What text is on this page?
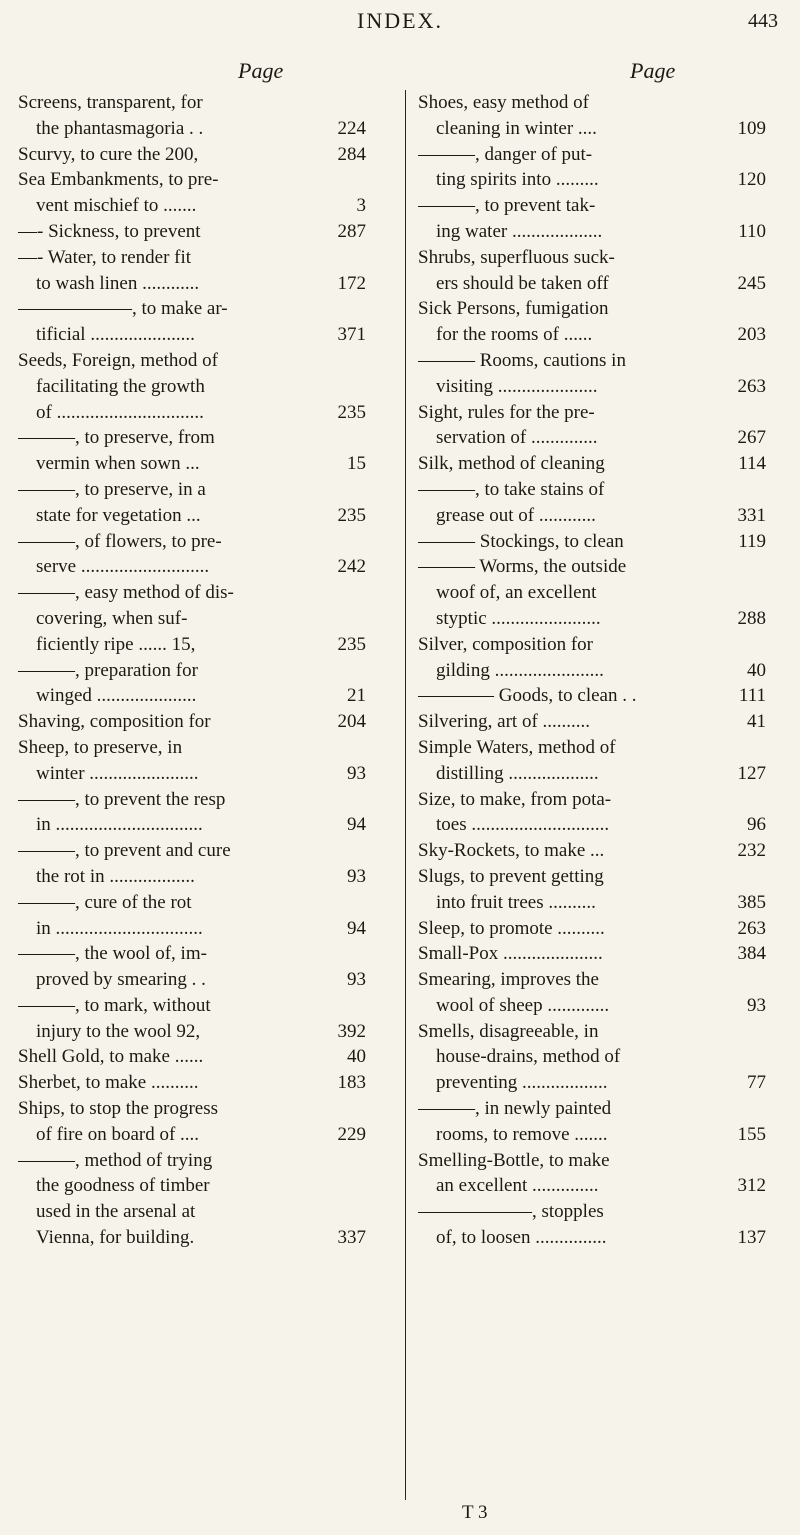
INDEX.	443
Page	Page
Screens, transparent, for
the phantasmagoria . .	224
Scurvy, to cure the 200,	284
Sea Embankments, to pre-
vent mischief to .......	3
—- Sickness, to prevent	287
—- Water, to render fit
to wash linen ............	172
——————, to make ar-
tificial ......................	371
Seeds, Foreign, method of
facilitating the growth
of ...............................	235
———, to preserve, from
vermin when sown ...	15
———, to preserve, in a
state for vegetation ...	235
———, of flowers, to pre-
serve ...........................	242
———, easy method of dis-
covering, when suf-
ficiently ripe ...... 15,	235
———, preparation for
winged .....................	21
Shaving, composition for	204
Sheep, to preserve, in
winter .......................	93
———, to prevent the resp
in ...............................	94
———, to prevent and cure
the rot in ..................	93
———, cure of the rot
in ...............................	94
———, the wool of, im-
proved by smearing . .	93
———, to mark, without
injury to the wool 92,	392
Shell Gold, to make ......	40
Sherbet, to make ..........	183
Ships, to stop the progress
of fire on board of ....	229
———, method of trying
the goodness of timber
used in the arsenal at
Vienna, for building.	337
Shoes, easy method of
cleaning in winter ....	109
———, danger of put-
ting spirits into .........	120
———, to prevent tak-
ing water ...................	110
Shrubs, superfluous suck-
ers should be taken off	245
Sick Persons, fumigation
for the rooms of ......	203
——— Rooms, cautions in
visiting .....................	263
Sight, rules for the pre-
servation of ..............	267
Silk, method of cleaning	114
———, to take stains of
grease out of ............	331
——— Stockings, to clean	119
——— Worms, the outside
woof of, an excellent
styptic .......................	288
Silver, composition for
gilding .......................	40
———— Goods, to clean . .	111
Silvering, art of ..........	41
Simple Waters, method of
distilling ...................	127
Size, to make, from pota-
toes .............................	96
Sky-Rockets, to make ...	232
Slugs, to prevent getting
into fruit trees ..........	385
Sleep, to promote ..........	263
Small-Pox .....................	384
Smearing, improves the
wool of sheep .............	93
Smells, disagreeable, in
house-drains, method of
preventing ..................	77
———, in newly painted
rooms, to remove .......	155
Smelling-Bottle, to make
an excellent ..............	312
——————, stopples
of, to loosen ...............	137
T 3
